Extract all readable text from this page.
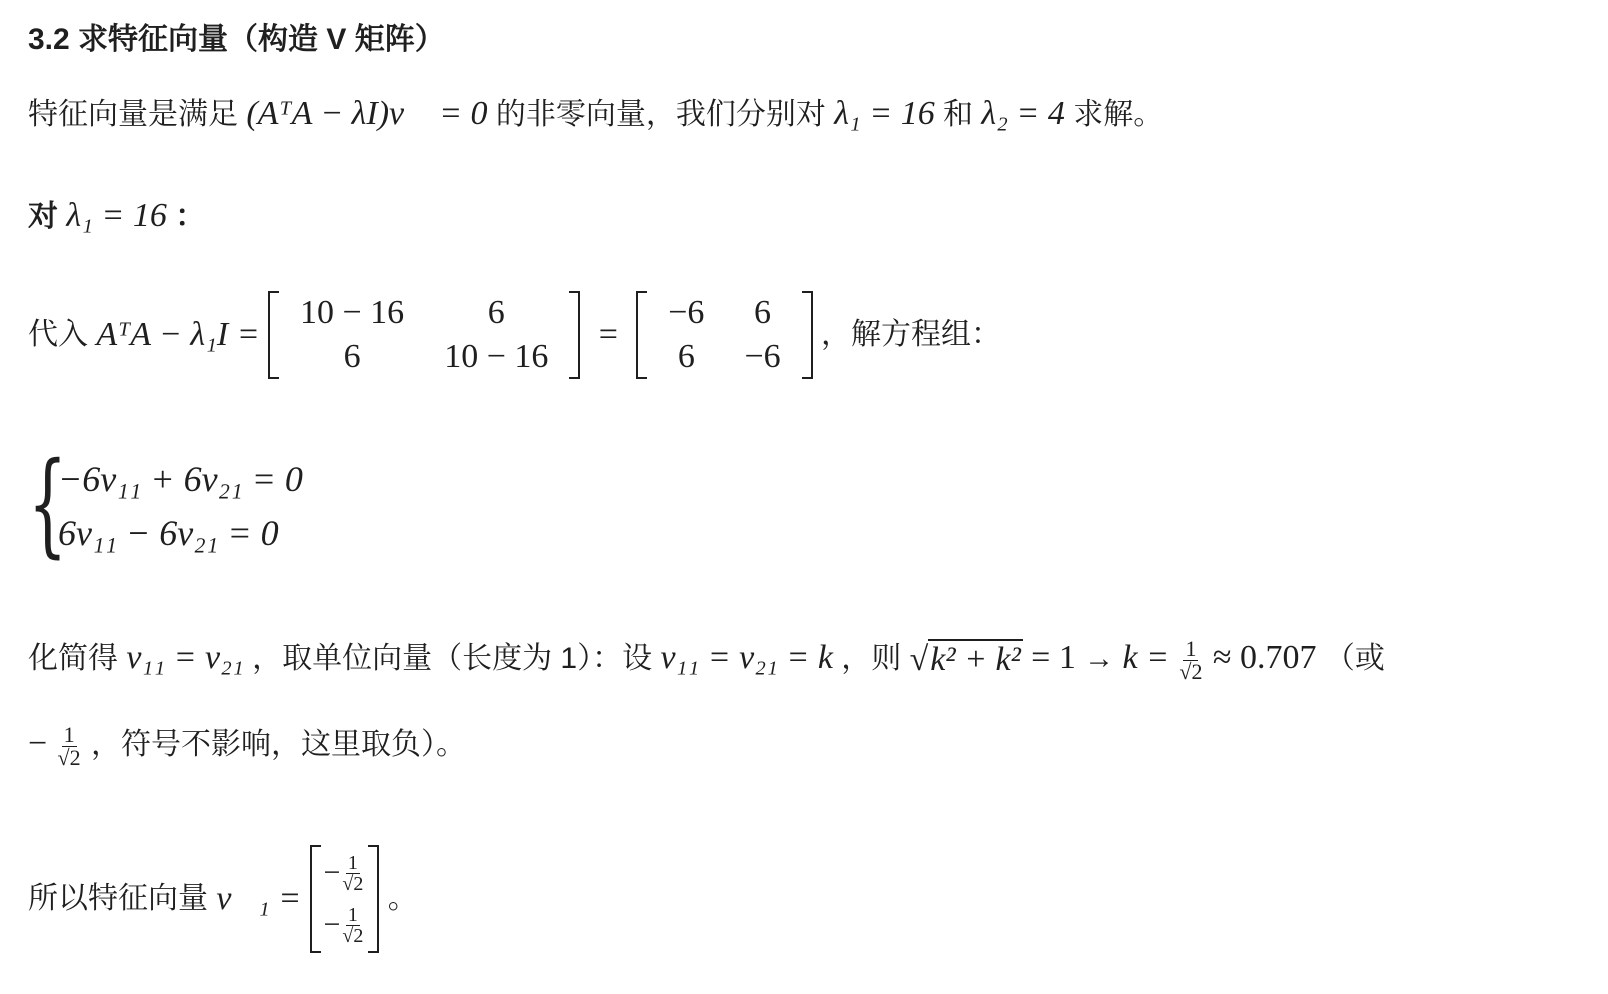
3.2 求特征向量（构造 V 矩阵）
特征向量是满足 (AᵀA − λI)v⃗ = 0 的非零向量，我们分别对 λ₁ = 16 和 λ₂ = 4 求解。
对 λ₁ = 16 ：
代入 AᵀA − λ₁I =
10 − 16	6
6	10 − 16
=
−6	6
6	−6
，解方程组：
{
−6v₁₁ + 6v₂₁ = 0
6v₁₁ − 6v₂₁ = 0
化简得 v₁₁ = v₂₁ ，取单位向量（长度为 1）：设 v₁₁ = v₂₁ = k ，则 $√k^2 + k^2 = 1 \to k = \frac{1}{√2} \approx 0.707$ （或
− $\frac{1}{√2}$ ，符号不影响，这里取负）。
所以特征向量 v⃗₁ =
− $\frac{1}{√2}$
− $\frac{1}{√2}$
。
